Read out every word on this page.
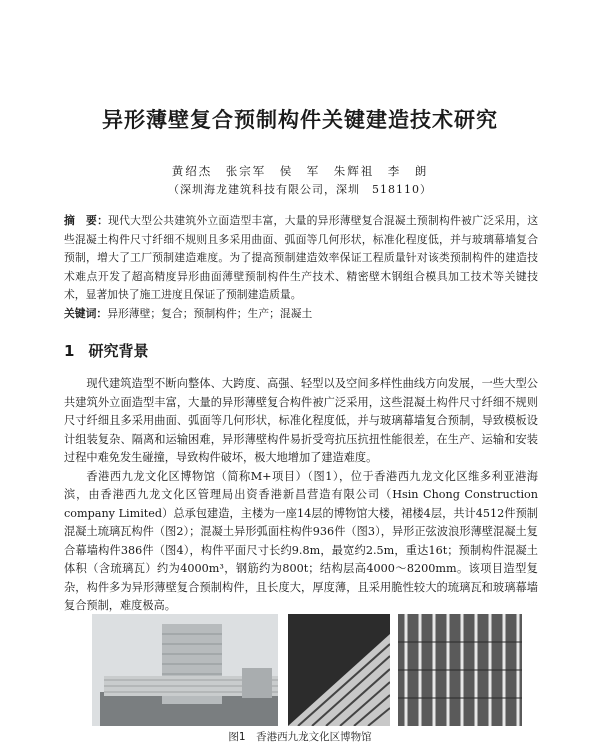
异形薄壁复合预制构件关键建造技术研究
黄绍杰　张宗军　侯　军　朱辉祖　李　朗
（深圳海龙建筑科技有限公司，深圳　518110）
摘　要：现代大型公共建筑外立面造型丰富，大量的异形薄壁复合混凝土预制构件被广泛采用，这些混凝土构件尺寸纤细不规则且多采用曲面、弧面等几何形状，标准化程度低，并与玻璃幕墙复合预制，增大了工厂预制建造难度。为了提高预制建造效率保证工程质量针对该类预制构件的建造技术难点开发了超高精度异形曲面薄壁预制构件生产技术、精密壁木钢组合模具加工技术等关键技术，显著加快了施工进度且保证了预制建造质量。
关键词：异形薄壁；复合；预制构件；生产；混凝土
1 研究背景

现代建筑造型不断向整体、大跨度、高强、轻型以及空间多样性曲线方向发展，一些大型公共建筑外立面造型丰富，大量的异形薄壁复合构件被广泛采用，这些混凝土构件尺寸纤细不规则尺寸纤细且多采用曲面、弧面等几何形状，标准化程度低，并与玻璃幕墙复合预制，导致模板设计组装复杂、隔离和运输困难，异形薄壁构件易折受弯抗压抗扭性能很差，在生产、运输和安装过程中难免发生碰撞，导致构件破坏，极大地增加了建造难度。

香港西九龙文化区博物馆（简称M+项目）（图1），位于香港西九龙文化区维多利亚港海滨，由香港西九龙文化区管理局出资香港新昌营造有限公司（Hsin Chong Construction company Limited）总承包建造，主楼为一座14层的博物馆大楼，裙楼4层，共计4512件预制混凝土琉璃瓦构件（图2）；混凝土异形弧面柱构件936件（图3），异形正弦波浪形薄壁混凝土复合幕墙构件386件（图4），构件平面尺寸长约9.8m，最宽约2.5m，重达16t；预制构件混凝土体积（含琉璃瓦）约为4000m³，钢筋约为800t；结构层高4000～8200mm。该项目造型复杂，构件多为异形薄壁复合预制构件，且长度大，厚度薄，且采用脆性较大的琉璃瓦和玻璃幕墙复合预制，难度极高。

图1　香港西九龙文化区博物馆
